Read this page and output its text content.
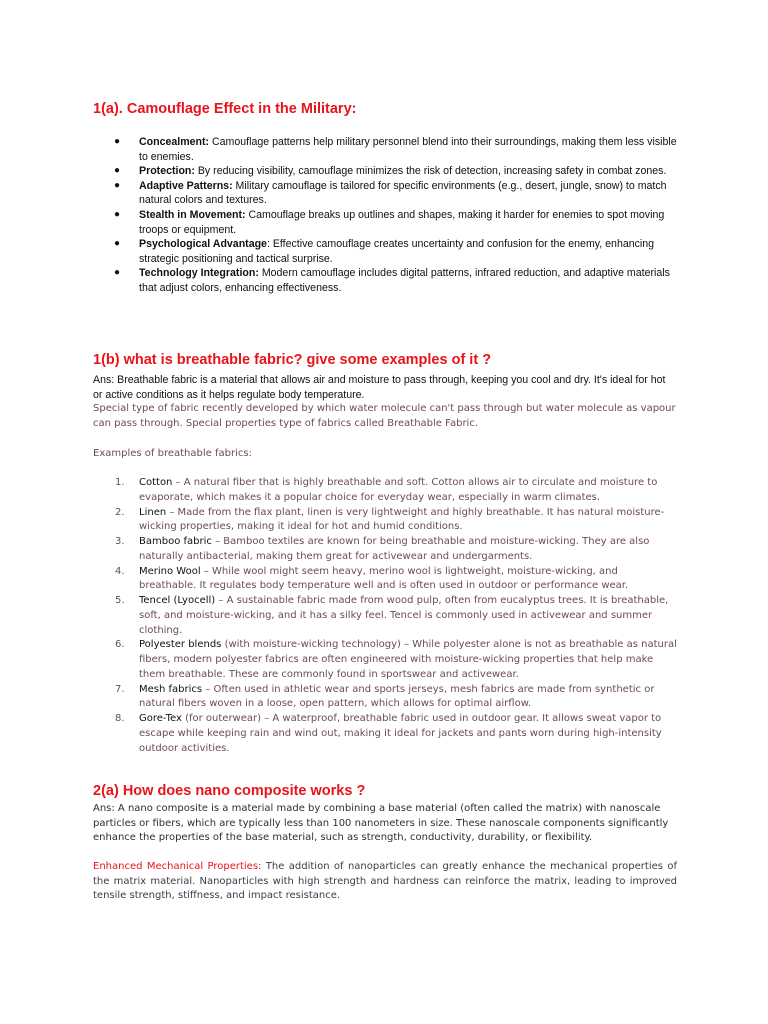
1(a). Camouflage Effect in the Military:
● Concealment: Camouflage patterns help military personnel blend into their surroundings, making them less visible to enemies.
● Protection: By reducing visibility, camouflage minimizes the risk of detection, increasing safety in combat zones.
● Adaptive Patterns: Military camouflage is tailored for specific environments (e.g., desert, jungle, snow) to match natural colors and textures.
● Stealth in Movement: Camouflage breaks up outlines and shapes, making it harder for enemies to spot moving troops or equipment.
● Psychological Advantage: Effective camouflage creates uncertainty and confusion for the enemy, enhancing strategic positioning and tactical surprise.
● Technology Integration: Modern camouflage includes digital patterns, infrared reduction, and adaptive materials that adjust colors, enhancing effectiveness.
1(b) what is breathable fabric? give some examples of it ?

Ans: Breathable fabric is a material that allows air and moisture to pass through, keeping you cool and dry. It's ideal for hot or active conditions as it helps regulate body temperature.

Special type of fabric recently developed by which water molecule can't pass through but water molecule as vapour can pass through. Special properties type of fabrics called Breathable Fabric.

Examples of breathable fabrics:

1. Cotton – A natural fiber that is highly breathable and soft. Cotton allows air to circulate and moisture to evaporate, which makes it a popular choice for everyday wear, especially in warm climates.
2. Linen – Made from the flax plant, linen is very lightweight and highly breathable. It has natural moisture-wicking properties, making it ideal for hot and humid conditions.
3. Bamboo fabric – Bamboo textiles are known for being breathable and moisture-wicking. They are also naturally antibacterial, making them great for activewear and undergarments.
4. Merino Wool – While wool might seem heavy, merino wool is lightweight, moisture-wicking, and breathable. It regulates body temperature well and is often used in outdoor or performance wear.
5. Tencel (Lyocell) – A sustainable fabric made from wood pulp, often from eucalyptus trees. It is breathable, soft, and moisture-wicking, and it has a silky feel. Tencel is commonly used in activewear and summer clothing.
6. Polyester blends (with moisture-wicking technology) – While polyester alone is not as breathable as natural fibers, modern polyester fabrics are often engineered with moisture-wicking properties that help make them breathable. These are commonly found in sportswear and activewear.
7. Mesh fabrics – Often used in athletic wear and sports jerseys, mesh fabrics are made from synthetic or natural fibers woven in a loose, open pattern, which allows for optimal airflow.
8. Gore-Tex (for outerwear) – A waterproof, breathable fabric used in outdoor gear. It allows sweat vapor to escape while keeping rain and wind out, making it ideal for jackets and pants worn during high-intensity outdoor activities.
2(a) How does nano composite works ?

Ans: A nano composite is a material made by combining a base material (often called the matrix) with nanoscale particles or fibers, which are typically less than 100 nanometers in size. These nanoscale components significantly enhance the properties of the base material, such as strength, conductivity, durability, or flexibility.

Enhanced Mechanical Properties: The addition of nanoparticles can greatly enhance the mechanical properties of the matrix material. Nanoparticles with high strength and hardness can reinforce the matrix, leading to improved tensile strength, stiffness, and impact resistance.
